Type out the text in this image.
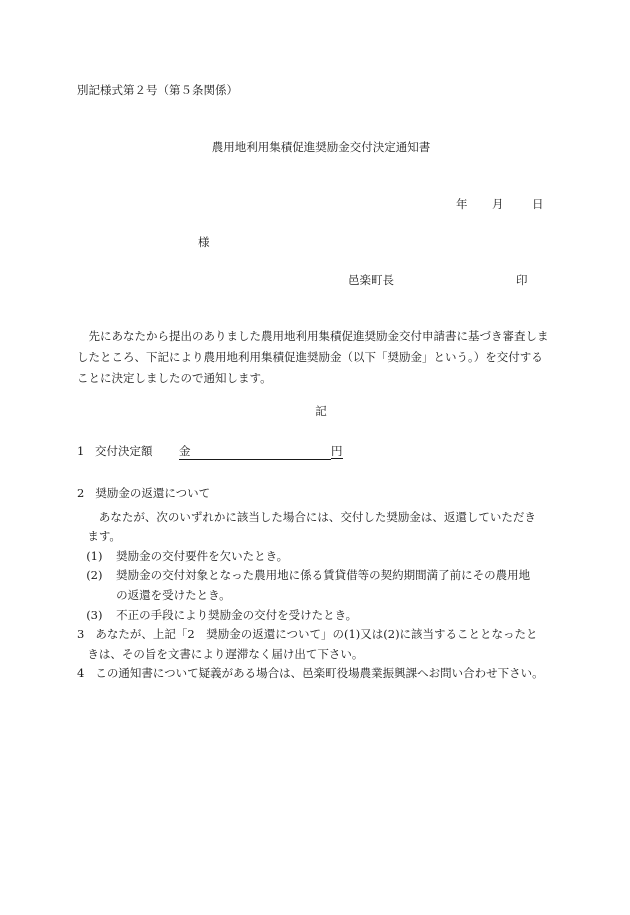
別記様式第２号（第５条関係）
農用地利用集積促進奨励金交付決定通知書
年 月 日
様
邑楽町長	印
先にあなたから提出のありました農用地利用集積促進奨励金交付申請書に基づき審査しましたところ、下記により農用地利用集積促進奨励金（以下「奨励金」という。）を交付することに決定しましたので通知します。
記
1 交付決定額 金	円
2 奨励金の返還について
あなたが、次のいずれかに該当した場合には、交付した奨励金は、返還していただき
ます。
(1) 奨励金の交付要件を欠いたとき。
(2) 奨励金の交付対象となった農用地に係る賃貸借等の契約期間満了前にその農用地
の返還を受けたとき。
(3) 不正の手段により奨励金の交付を受けたとき。
3 あなたが、上記「2　奨励金の返還について」の(1)又は(2)に該当することとなったと
きは、その旨を文書により遅滞なく届け出て下さい。
4 この通知書について疑義がある場合は、邑楽町役場農業振興課へお問い合わせ下さい。
